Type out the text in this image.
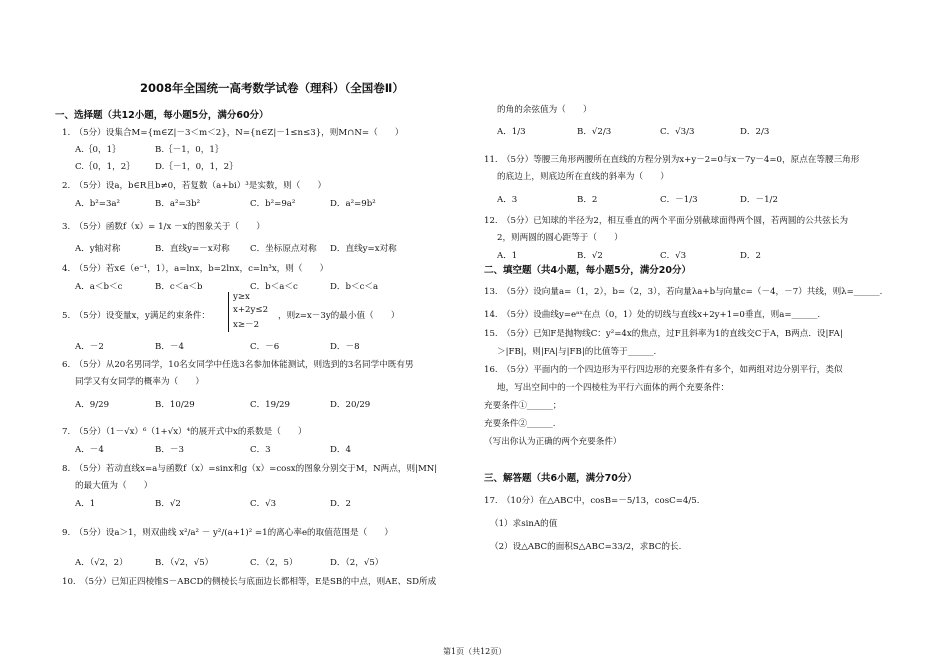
2008年全国统一高考数学试卷（理科）（全国卷Ⅱ）
一、选择题（共12小题，每小题5分，满分60分）
1.　（5分）设集合M={m∈Z|－3＜m＜2}，N={n∈Z|－1≤n≤3}，则M∩N=（　　）
A.｛0，1｝	B.｛－1，0，1｝
C.｛0，1，2｝ D.｛－1，0，1，2｝
2.　（5分）设a，b∈R且b≠0，若复数（a+bi）³是实数，则（　　）
A．b²=3a²	B．a²=3b²	C．b²=9a²	D．a²=9b²
3.　（5分）函数f（x）= 1/x －x的图象关于（　　）
A．y轴对称	B．直线y=－x对称 C．坐标原点对称 D．直线y=x对称
4.　（5分）若x∈（e⁻¹，1），a=lnx，b=2lnx，c=ln³x，则（　　）
A．a＜b＜c	B．c＜a＜b	C．b＜a＜c	D．b＜c＜a
5.　（5分）设变量x，y满足约束条件：
y≥x
x+2y≤2
x≥－2
，则z=x－3y的最小值（　　）
A．－2	B．－4	C．－6	D．－8
6.　（5分）从20名男同学，10名女同学中任选3名参加体能测试，则选到的3名同学中既有男
同学又有女同学的概率为（　　）
A．9/29	B．10/29	C．19/29	D．20/29
7.　（5分）（1－√x）⁶（1+√x）⁴的展开式中x的系数是（　　）
A．－4	B．－3	C．3	D．4
8.　（5分）若动直线x=a与函数f（x）=sinx和g（x）=cosx的图象分别交于M，N两点，则|MN|
的最大值为（　　）
A．1	B．√2	C．√3	D．2
9.　（5分）设a＞1，则双曲线 x²/a² － y²/(a+1)² =1的离心率e的取值范围是（　　）
A．（√2，2）	B．（√2，√5）	C．（2，5）	D．（2，√5）
10.　（5分）已知正四棱锥S－ABCD的侧棱长与底面边长都相等，E是SB的中点，则AE、SD所成
的角的余弦值为（　　）
A．1/3	B．√2/3	C．√3/3	D．2/3
11.　（5分）等腰三角形两腰所在直线的方程分别为x+y－2=0与x－7y－4=0，原点在等腰三角形
的底边上，则底边所在直线的斜率为（　　）
A．3	B．2	C．－1/3	D．－1/2
12.　（5分）已知球的半径为2，相互垂直的两个平面分别截球面得两个圆，若两圆的公共弦长为
二、填空题（共4小题，每小题5分，满分20分）
13.　（5分）设向量a=（1，2），b=（2，3），若向量λa+b与向量c=（－4，－7）共线，则λ=______.
14.　（5分）设曲线y=eᵃˣ在点（0，1）处的切线与直线x+2y+1=0垂直，则a=______.
15.　（5分）已知F是抛物线C：y²=4x的焦点，过F且斜率为1的直线交C于A，B两点．设|FA|
＞|FB|，则|FA|与|FB|的比值等于______.
16.　（5分）平面内的一个四边形为平行四边形的充要条件有多个，如两组对边分别平行，类似
地，写出空间中的一个四棱柱为平行六面体的两个充要条件：
充要条件①______；
充要条件②______.
（写出你认为正确的两个充要条件）
三、解答题（共6小题，满分70分）
17.　（10分）在△ABC中，cosB=－5/13，cosC=4/5.
（1）求sinA的值
（2）设△ABC的面积S△ABC=33/2，求BC的长.
第1页（共12页）
2，则两圆的圆心距等于（　　）
A．1	B．√2	C．√3	D．2
